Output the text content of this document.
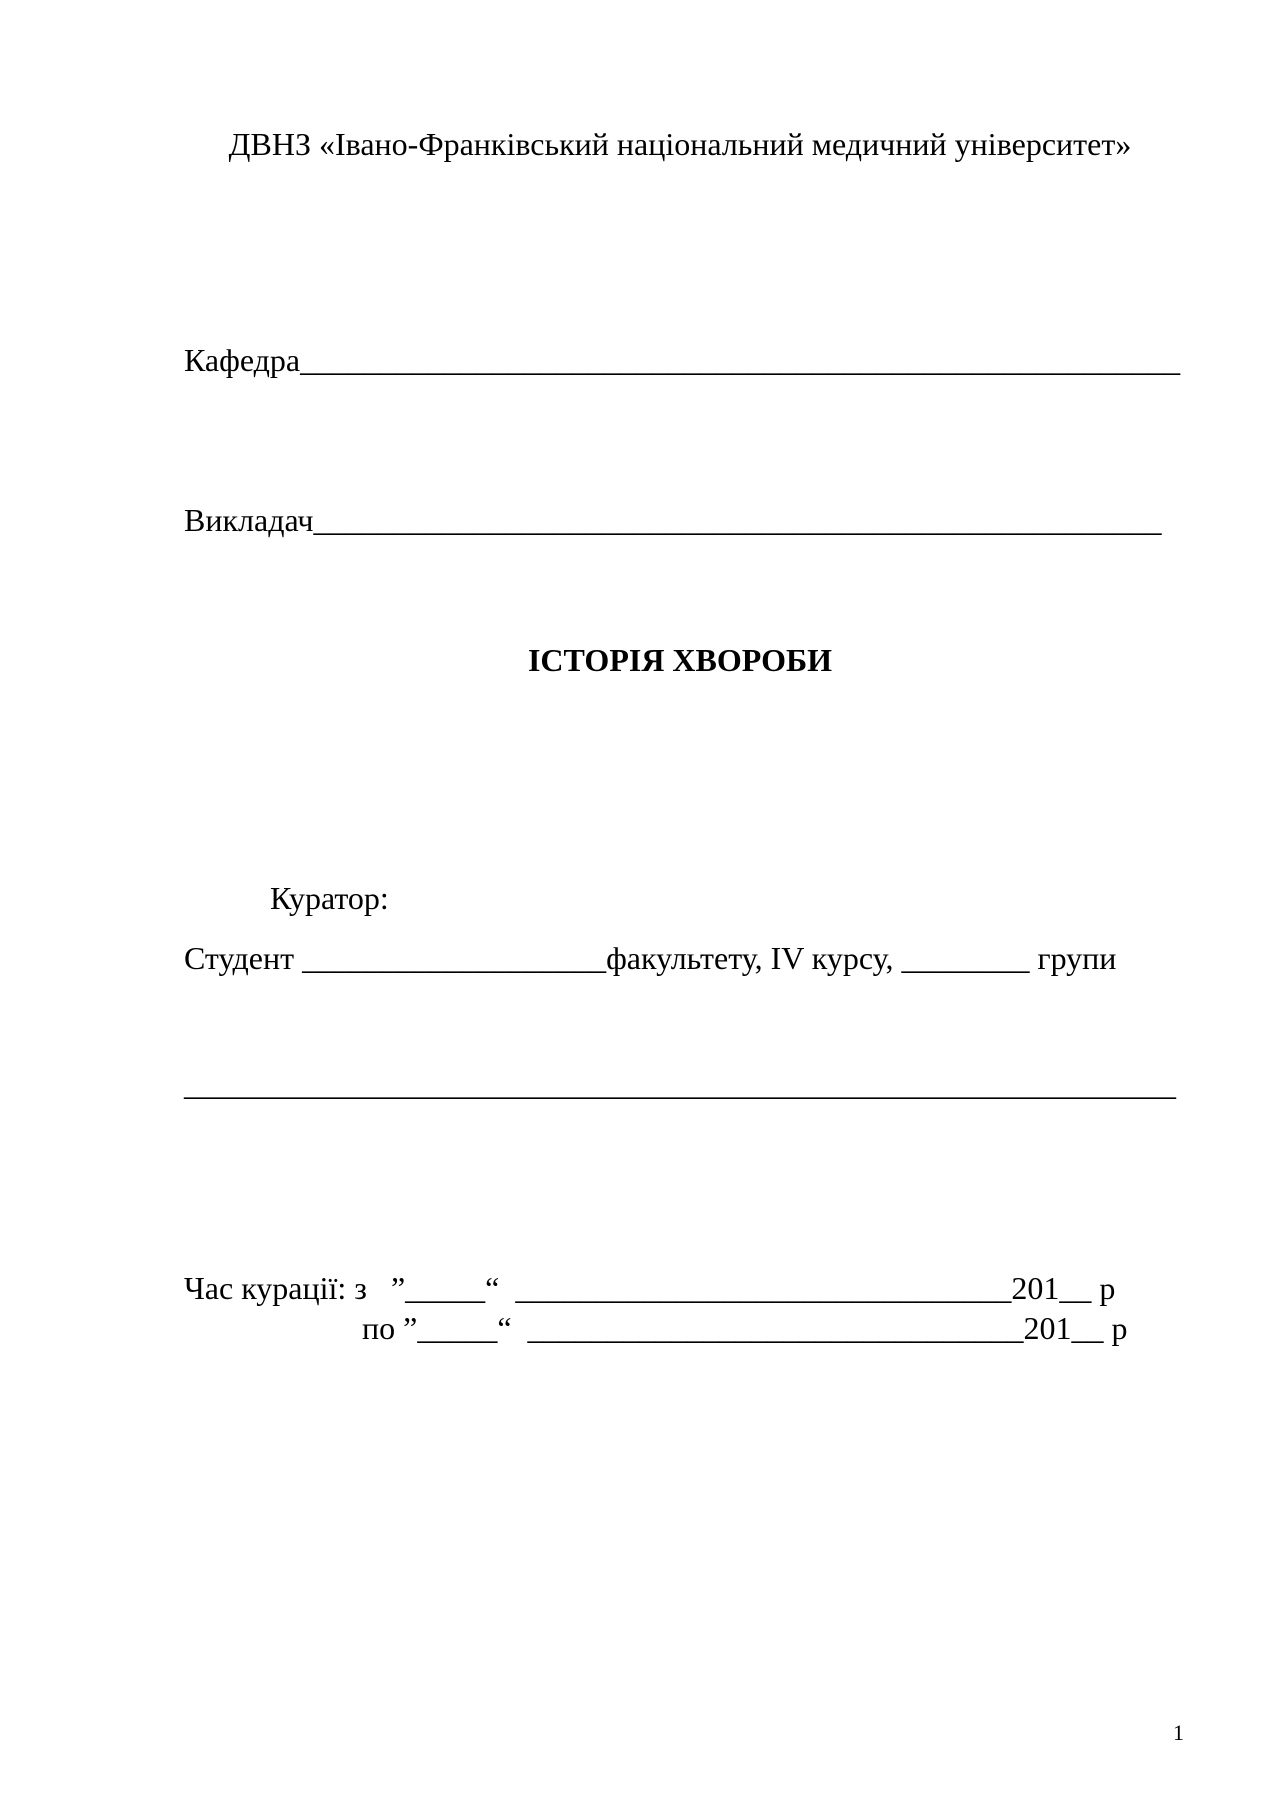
ДВНЗ «Івано-Франківський національний медичний університет»
Кафедра_______________________________________________________
Викладач_____________________________________________________
ІСТОРІЯ ХВОРОБИ
Куратор:
Студент ___________________факультету, IV курсу, ________ групи
______________________________________________________________
Час курації: з   ”_____“  _______________________________201__ р
по ”_____“  _______________________________201__ р
1
